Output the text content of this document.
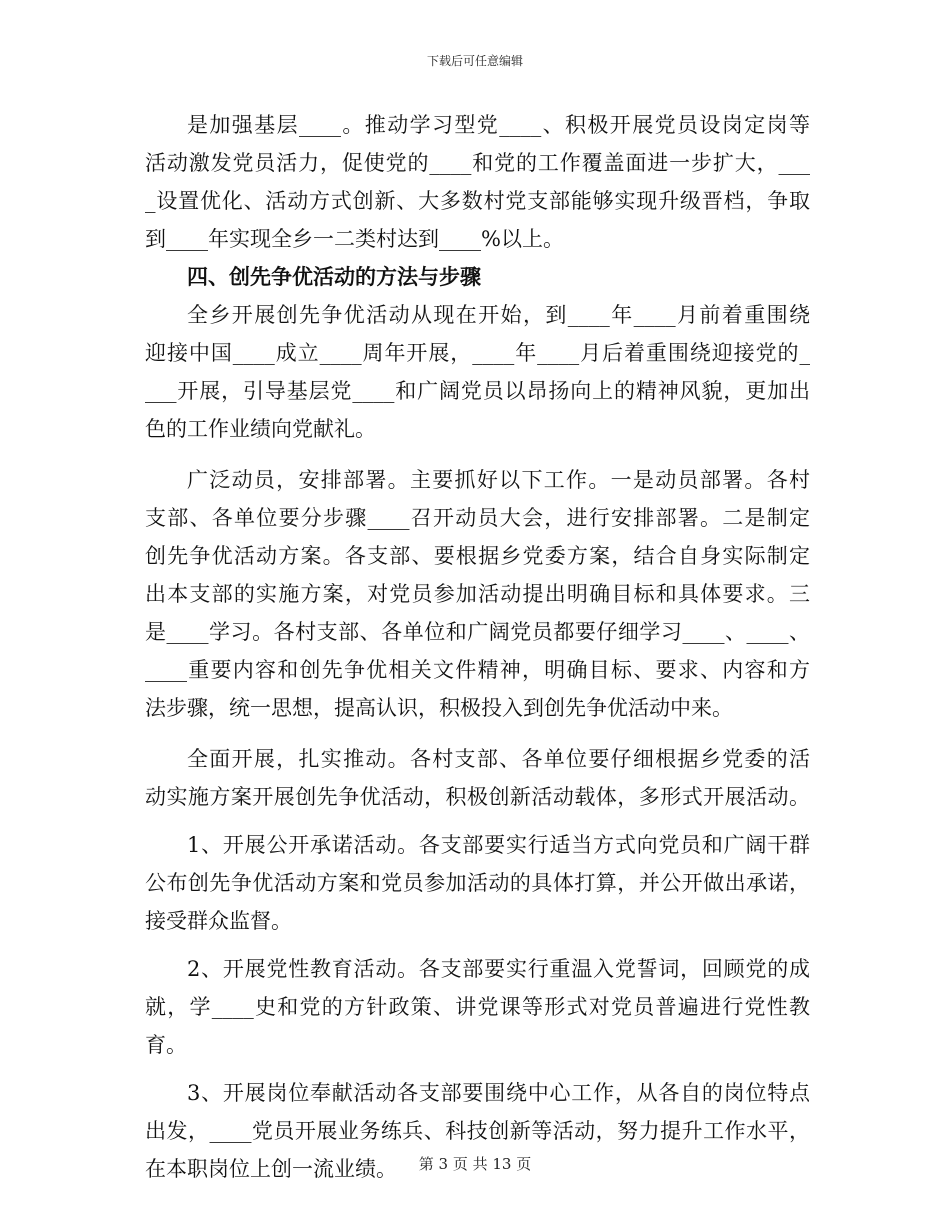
下载后可任意编辑
是加强基层____。推动学习型党____、积极开展党员设岗定岗等
活动激发党员活力，促使党的____和党的工作覆盖面进一步扩大，___
_设置优化、活动方式创新、大多数村党支部能够实现升级晋档，争取
到____年实现全乡一二类村达到____%以上。
四、创先争优活动的方法与步骤
全乡开展创先争优活动从现在开始，到____年____月前着重围绕
迎接中国____成立____周年开展，____年____月后着重围绕迎接党的_
___开展，引导基层党____和广阔党员以昂扬向上的精神风貌，更加出
色的工作业绩向党献礼。
广泛动员，安排部署。主要抓好以下工作。一是动员部署。各村
支部、各单位要分步骤____召开动员大会，进行安排部署。二是制定
创先争优活动方案。各支部、要根据乡党委方案，结合自身实际制定
出本支部的实施方案，对党员参加活动提出明确目标和具体要求。三
是____学习。各村支部、各单位和广阔党员都要仔细学习____、____、
____重要内容和创先争优相关文件精神，明确目标、要求、内容和方
法步骤，统一思想，提高认识，积极投入到创先争优活动中来。
全面开展，扎实推动。各村支部、各单位要仔细根据乡党委的活
动实施方案开展创先争优活动，积极创新活动载体，多形式开展活动。
1、开展公开承诺活动。各支部要实行适当方式向党员和广阔干群
公布创先争优活动方案和党员参加活动的具体打算，并公开做出承诺，
接受群众监督。
2、开展党性教育活动。各支部要实行重温入党誓词，回顾党的成
就，学____史和党的方针政策、讲党课等形式对党员普遍进行党性教
育。
3、开展岗位奉献活动各支部要围绕中心工作，从各自的岗位特点
出发，____党员开展业务练兵、科技创新等活动，努力提升工作水平，
在本职岗位上创一流业绩。	第 3 页 共 13 页
